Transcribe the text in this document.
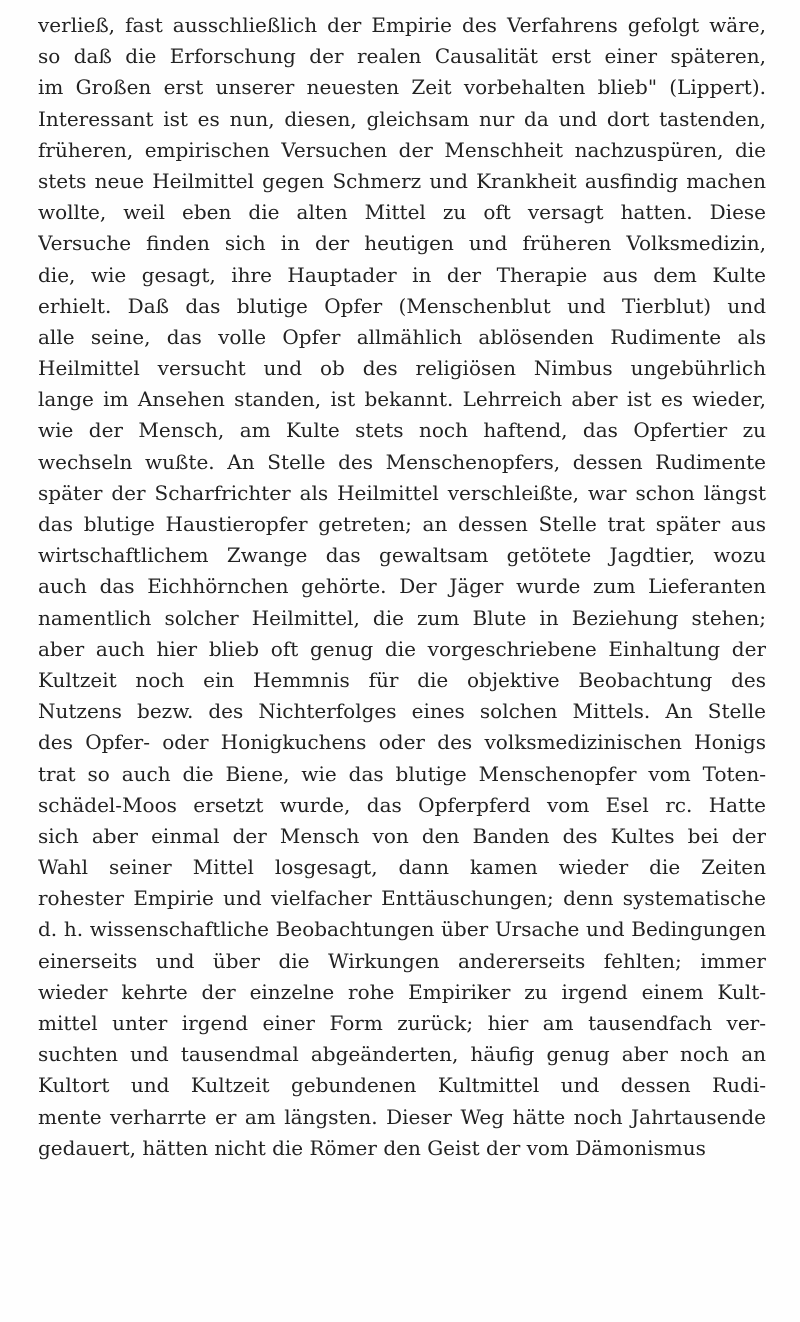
verließ, fast ausschließlich der Empirie des Verfahrens gefolgt wäre,
so daß die Erforschung der realen Causalität erst einer späteren,
im Großen erst unserer neuesten Zeit vorbehalten blieb" (Lippert).
Interessant ist es nun, diesen, gleichsam nur da und dort tastenden,
früheren, empirischen Versuchen der Menschheit nachzuspüren, die
stets neue Heilmittel gegen Schmerz und Krankheit ausfindig machen
wollte, weil eben die alten Mittel zu oft versagt hatten. Diese
Versuche finden sich in der heutigen und früheren Volksmedizin,
die, wie gesagt, ihre Hauptader in der Therapie aus dem Kulte
erhielt. Daß das blutige Opfer (Menschenblut und Tierblut) und
alle seine, das volle Opfer allmählich ablösenden Rudimente als
Heilmittel versucht und ob des religiösen Nimbus ungebührlich
lange im Ansehen standen, ist bekannt. Lehrreich aber ist es wieder,
wie der Mensch, am Kulte stets noch haftend, das Opfertier zu
wechseln wußte. An Stelle des Menschenopfers, dessen Rudimente
später der Scharfrichter als Heilmittel verschleißte, war schon längst
das blutige Haustieropfer getreten; an dessen Stelle trat später aus
wirtschaftlichem Zwange das gewaltsam getötete Jagdtier, wozu
auch das Eichhörnchen gehörte. Der Jäger wurde zum Lieferanten
namentlich solcher Heilmittel, die zum Blute in Beziehung stehen;
aber auch hier blieb oft genug die vorgeschriebene Einhaltung der
Kultzeit noch ein Hemmnis für die objektive Beobachtung des
Nutzens bezw. des Nichterfolges eines solchen Mittels. An Stelle
des Opfer- oder Honigkuchens oder des volksmedizinischen Honigs
trat so auch die Biene, wie das blutige Menschenopfer vom Toten-
schädel-Moos ersetzt wurde, das Opferpferd vom Esel rc. Hatte
sich aber einmal der Mensch von den Banden des Kultes bei der
Wahl seiner Mittel losgesagt, dann kamen wieder die Zeiten
rohester Empirie und vielfacher Enttäuschungen; denn systematische
d. h. wissenschaftliche Beobachtungen über Ursache und Bedingungen
einerseits und über die Wirkungen andererseits fehlten; immer
wieder kehrte der einzelne rohe Empiriker zu irgend einem Kult-
mittel unter irgend einer Form zurück; hier am tausendfach ver-
suchten und tausendmal abgeänderten, häufig genug aber noch an
Kultort und Kultzeit gebundenen Kultmittel und dessen Rudi-
mente verharrte er am längsten. Dieser Weg hätte noch Jahrtausende
gedauert, hätten nicht die Römer den Geist der vom Dämonismus
